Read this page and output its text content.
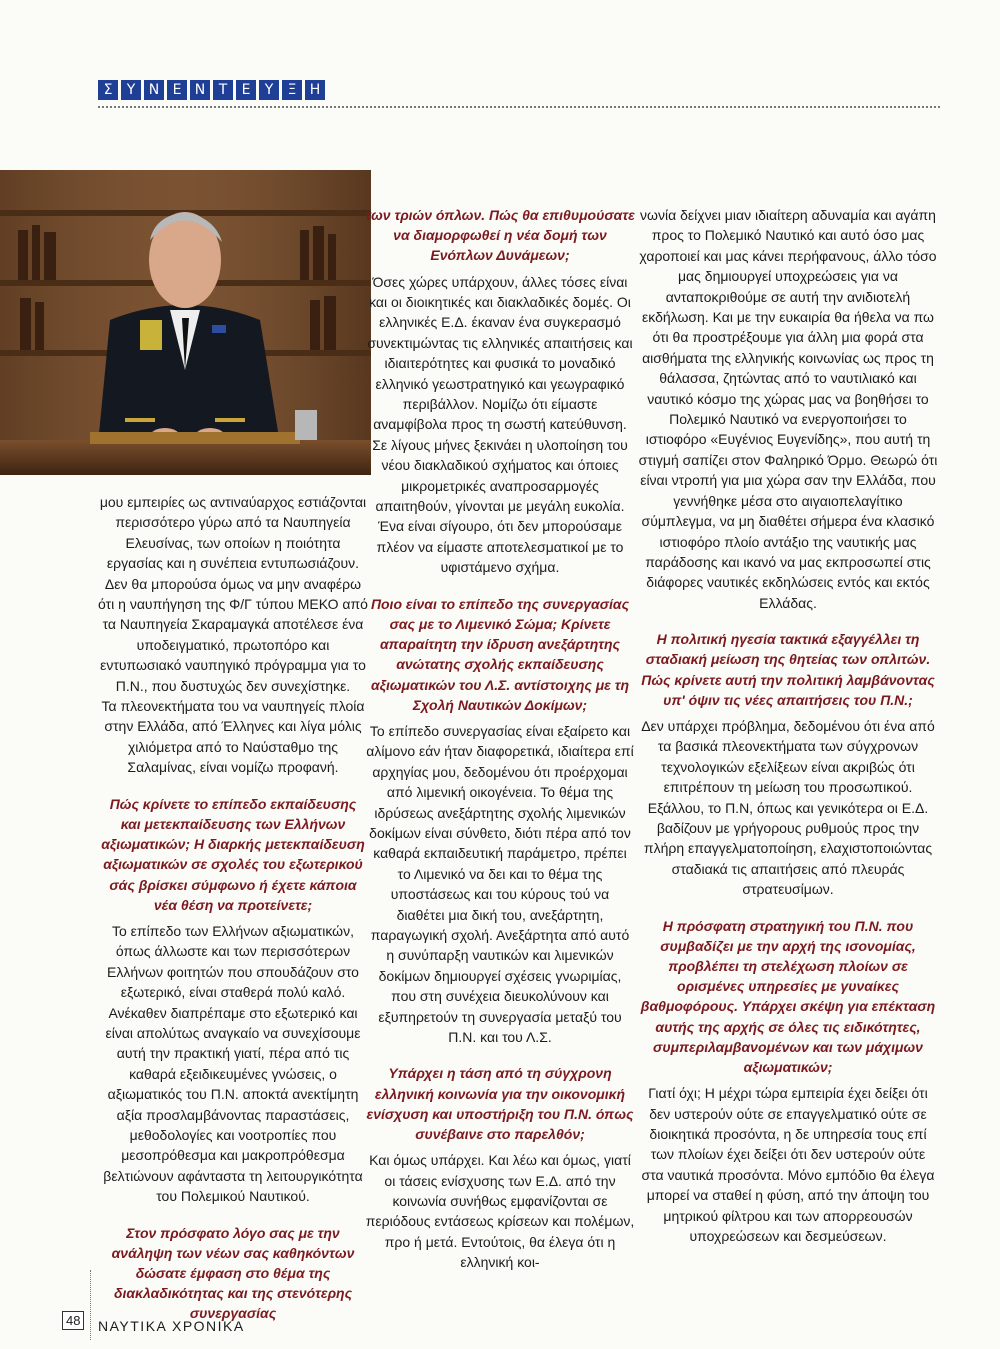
Σ	Υ Ν Ε Ν Τ	Ε	Υ	Ξ Η

μου εμπειρίες ως αντιναύαρχος εστιάζονται περισσότερο γύρω από τα Ναυπηγεία Ελευσίνας, των οποίων η ποιότητα εργασίας και η συνέπεια εντυπωσιάζουν. Δεν θα μπορούσα όμως να μην αναφέρω ότι η ναυπήγηση της Φ/Γ τύπου ΜΕΚΟ από τα Ναυπηγεία Σκαραμαγκά αποτέλεσε ένα υποδειγματικό, πρωτοπόρο και εντυπωσιακό ναυπηγικό πρόγραμμα για το Π.Ν., που δυστυχώς δεν συνεχίστηκε.

Τα πλεονεκτήματα του να ναυπηγείς πλοία στην Ελλάδα, από Έλληνες και λίγα μόλις χιλιόμετρα από το Ναύσταθμο της Σαλαμίνας, είναι νομίζω προφανή.

Πώς κρίνετε το επίπεδο εκπαίδευσης και μετεκπαίδευσης των Ελλήνων αξιωματικών; Η διαρκής μετεκπαίδευση αξιωματικών σε σχολές του εξωτερικού σάς βρίσκει σύμφωνο ή έχετε κάποια νέα θέση να προτείνετε;

Το επίπεδο των Ελλήνων αξιωματικών, όπως άλλωστε και των περισσότερων Ελλήνων φοιτητών που σπουδάζουν στο εξωτερικό, είναι σταθερά πολύ καλό. Ανέκαθεν διαπρέπαμε στο εξωτερικό και είναι απολύτως αναγκαίο να συνεχίσουμε αυτή την πρακτική γιατί, πέρα από τις καθαρά εξειδικευμένες γνώσεις, ο αξιωματικός του Π.Ν. αποκτά ανεκτίμητη αξία προσλαμβάνοντας παραστάσεις, μεθοδολογίες και νοοτροπίες που μεσοπρόθεσμα και μακροπρόθεσμα βελτιώνουν αφάνταστα τη λειτουργικότητα του Πολεμικού Ναυτικού.

Στον πρόσφατο λόγο σας με την ανάληψη των νέων σας καθηκόντων δώσατε έμφαση στο θέμα της διακλαδικότητας και της στενότερης συνεργασίας

των τριών όπλων. Πώς θα επιθυμούσατε να διαμορφωθεί η νέα δομή των Ενόπλων Δυνάμεων;

Όσες χώρες υπάρχουν, άλλες τόσες είναι και οι διοικητικές και διακλαδικές δομές. Οι ελληνικές Ε.Δ. έκαναν ένα συγκερασμό συνεκτιμώντας τις ελληνικές απαιτήσεις και ιδιαιτερότητες και φυσικά το μοναδικό ελληνικό γεωστρατηγικό και γεωγραφικό περιβάλλον. Νομίζω ότι είμαστε αναμφίβολα προς τη σωστή κατεύθυνση. Σε λίγους μήνες ξεκινάει η υλοποίηση του νέου διακλαδικού σχήματος και όποιες μικρομετρικές αναπροσαρμογές απαιτηθούν, γίνονται με μεγάλη ευκολία. Ένα είναι σίγουρο, ότι δεν μπορούσαμε πλέον να είμαστε αποτελεσματικοί με το υφιστάμενο σχήμα.

Ποιο είναι το επίπεδο της συνεργασίας σας με το Λιμενικό Σώμα; Κρίνετε απαραίτητη την ίδρυση ανεξάρτητης ανώτατης σχολής εκπαίδευσης αξιωματικών του Λ.Σ. αντίστοιχης με τη Σχολή Ναυτικών Δοκίμων;

Το επίπεδο συνεργασίας είναι εξαίρετο και αλίμονο εάν ήταν διαφορετικά, ιδιαίτερα επί αρχηγίας μου, δεδομένου ότι προέρχομαι από λιμενική οικογένεια. Το θέμα της ιδρύσεως ανεξάρτητης σχολής λιμενικών δοκίμων είναι σύνθετο, διότι πέρα από τον καθαρά εκπαιδευτική παράμετρο, πρέπει το Λιμενικό να δει και το θέμα της υποστάσεως και του κύρους τού να διαθέτει μια δική του, ανεξάρτητη, παραγωγική σχολή. Ανεξάρτητα από αυτό η συνύπαρξη ναυτικών και λιμενικών δοκίμων δημιουργεί σχέσεις γνωριμίας, που στη συνέχεια διευκολύνουν και εξυπηρετούν τη συνεργασία μεταξύ του Π.Ν. και του Λ.Σ.

Υπάρχει η τάση από τη σύγχρονη ελληνική κοινωνία για την οικονομική ενίσχυση και υποστήριξη του Π.Ν. όπως συνέβαινε στο παρελθόν;

Και όμως υπάρχει. Και λέω και όμως, γιατί οι τάσεις ενίσχυσης των Ε.Δ. από την κοινωνία συνήθως εμφανίζονται σε περιόδους εντάσεως κρίσεων και πολέμων, προ ή μετά. Εντούτοις, θα έλεγα ότι η ελληνική κοι-

νωνία δείχνει μιαν ιδιαίτερη αδυναμία και αγάπη προς το Πολεμικό Ναυτικό και αυτό όσο μας χαροποιεί και μας κάνει περήφανους, άλλο τόσο μας δημιουργεί υποχρεώσεις για να ανταποκριθούμε σε αυτή την ανιδιοτελή εκδήλωση. Και με την ευκαιρία θα ήθελα να πω ότι θα προστρέξουμε για άλλη μια φορά στα αισθήματα της ελληνικής κοινωνίας ως προς τη θάλασσα, ζητώντας από το ναυτιλιακό και ναυτικό κόσμο της χώρας μας να βοηθήσει το Πολεμικό Ναυτικό να ενεργοποιήσει το ιστιοφόρο «Ευγένιος Ευγενίδης», που αυτή τη στιγμή σαπίζει στον Φαληρικό Όρμο. Θεωρώ ότι είναι ντροπή για μια χώρα σαν την Ελλάδα, που γεννήθηκε μέσα στο αιγαιοπελαγίτικο σύμπλεγμα, να μη διαθέτει σήμερα ένα κλασικό ιστιοφόρο πλοίο αντάξιο της ναυτικής μας παράδοσης και ικανό να μας εκπροσωπεί στις διάφορες ναυτικές εκδηλώσεις εντός και εκτός Ελλάδας.

Η πολιτική ηγεσία τακτικά εξαγγέλλει τη σταδιακή μείωση της θητείας των οπλιτών. Πώς κρίνετε αυτή την πολιτική λαμβάνοντας υπ' όψιν τις νέες απαιτήσεις του Π.Ν.;

Δεν υπάρχει πρόβλημα, δεδομένου ότι ένα από τα βασικά πλεονεκτήματα των σύγχρονων τεχνολογικών εξελίξεων είναι ακριβώς ότι επιτρέπουν τη μείωση του προσωπικού. Εξάλλου, το Π.Ν, όπως και γενικότερα οι Ε.Δ. βαδίζουν με γρήγορους ρυθμούς προς την πλήρη επαγγελματοποίηση, ελαχιστοποιώντας σταδιακά τις απαιτήσεις από πλευράς στρατευσίμων.

Η πρόσφατη στρατηγική του Π.Ν. που συμβαδίζει με την αρχή της ισονομίας, προβλέπει τη στελέχωση πλοίων σε ορισμένες υπηρεσίες με γυναίκες βαθμοφόρους. Υπάρχει σκέψη για επέκταση αυτής της αρχής σε όλες τις ειδικότητες, συμπεριλαμβανομένων και των μάχιμων αξιωματικών;

Γιατί όχι; Η μέχρι τώρα εμπειρία έχει δείξει ότι δεν υστερούν ούτε σε επαγγελματικό ούτε σε διοικητικά προσόντα, η δε υπηρεσία τους επί των πλοίων έχει δείξει ότι δεν υστερούν ούτε στα ναυτικά προσόντα. Μόνο εμπόδιο θα έλεγα μπορεί να σταθεί η φύση, από την άποψη του μητρικού φίλτρου και των απορρεουσών υποχρεώσεων και δεσμεύσεων.

48 ΝΑΥΤΙΚΑ ΧΡΟΝΙΚΑ
